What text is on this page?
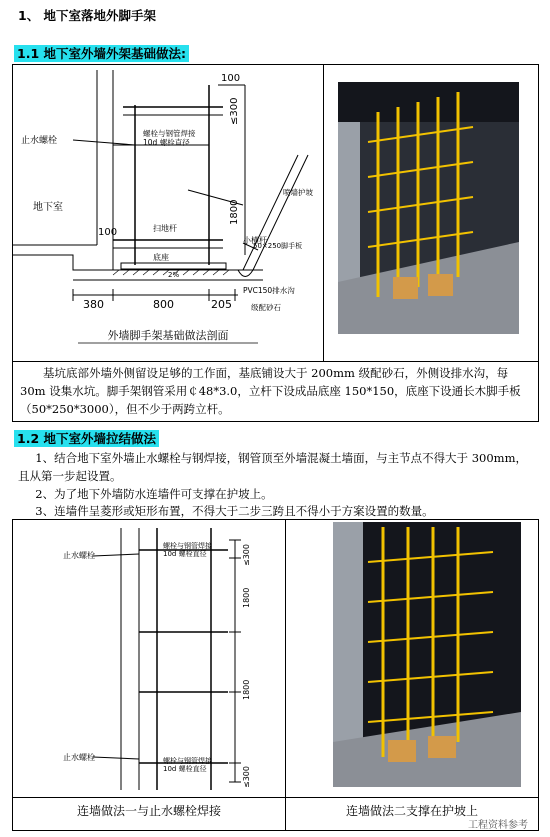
1、 地下室落地外脚手架
1.1 地下室外墙外架基础做法:
止水螺栓
地下室
螺栓与钢管焊接
10d 螺栓直径
扫地杆
底座
小横杆
50×250脚手板
喷墙护坡
PVC150排水沟
级配砂石
2%
100
≤300
1800
100
380	800	205
外墙脚手架基础做法剖面
基坑底部外墙外侧留设足够的工作面，基底铺设大于 200mm 级配砂石，外侧设排水沟，每 30m 设集水坑。脚手架钢管采用￠48*3.0，立杆下设成品底座 150*150，底座下设通长木脚手板（50*250*3000），但不少于两跨立杆。
1.2 地下室外墙拉结做法
1、结合地下室外墙止水螺栓与钢焊接，钢管顶至外墙混凝土墙面，与主节点不得大于 300mm，且从第一步起设置。
2、为了地下外墙防水连墙件可支撑在护坡上。
3、连墙件呈菱形或矩形布置，不得大于二步三跨且不得小于方案设置的数量。
止水螺栓
止水螺栓
螺栓与钢管焊接
10d 螺栓直径
螺栓与钢管焊接
10d 螺栓直径
≤300
1800
1800
≤300
连墙做法一与止水螺栓焊接	连墙做法二支撑在护坡上
工程资料参考
